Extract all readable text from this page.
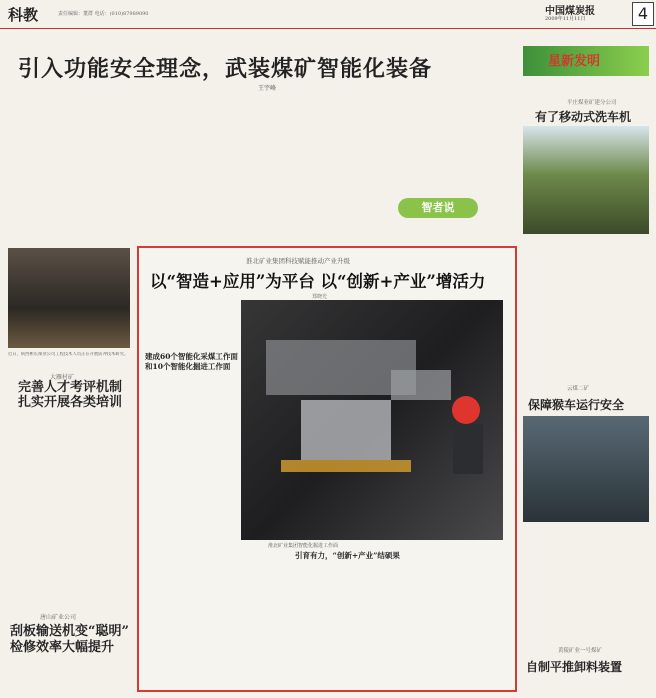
科教	责任编辑：董群 电话：(010)87989090	中国煤炭报
2009年11月11日	4
引入功能安全理念，武装煤矿智能化装备
王宇峰
智者说
近日，陕西彬长煤业公司工程技术人员正在开展防冲技术研究。
大雁村矿
完善人才考评机制 扎实开展各类培训
唐山矿业公司
刮板输送机变“聪明” 检修效率大幅提升
星新发明
平庄煤业矿建分公司
有了移动式洗车机
云煤二矿
保障猴车运行安全
黄陵矿业一号煤矿
自制平推卸料装置
淮北矿业集团科技赋能推动产业升级
以“智造+应用”为平台 以“创新+产业”增活力
郑晓光
建成60个智能化采煤工作面和10个智能化掘进工作面
淮北矿业集团智能化掘进工作面
引育有力，“创新+产业”结硕果
